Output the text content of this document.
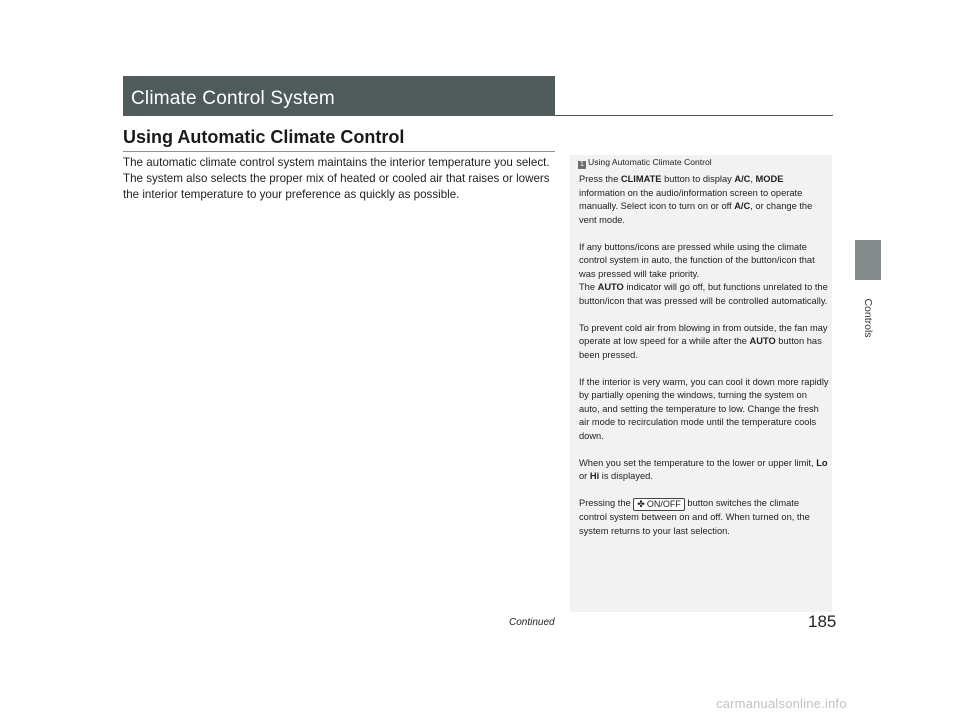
Climate Control System
Using Automatic Climate Control
The automatic climate control system maintains the interior temperature you select. The system also selects the proper mix of heated or cooled air that raises or lowers the interior temperature to your preference as quickly as possible.
Controls
1 Using Automatic Climate Control

Press the CLIMATE button to display A/C, MODE information on the audio/information screen to operate manually. Select icon to turn on or off A/C, or change the vent mode.

If any buttons/icons are pressed while using the climate control system in auto, the function of the button/icon that was pressed will take priority.
The AUTO indicator will go off, but functions unrelated to the button/icon that was pressed will be controlled automatically.

To prevent cold air from blowing in from outside, the fan may operate at low speed for a while after the AUTO button has been pressed.

If the interior is very warm, you can cool it down more rapidly by partially opening the windows, turning the system on auto, and setting the temperature to low. Change the fresh air mode to recirculation mode until the temperature cools down.

When you set the temperature to the lower or upper limit, Lo or Hi is displayed.

Pressing the ✤ ON/OFF button switches the climate control system between on and off. When turned on, the system returns to your last selection.

Continued	185
carmanualsonline.info
